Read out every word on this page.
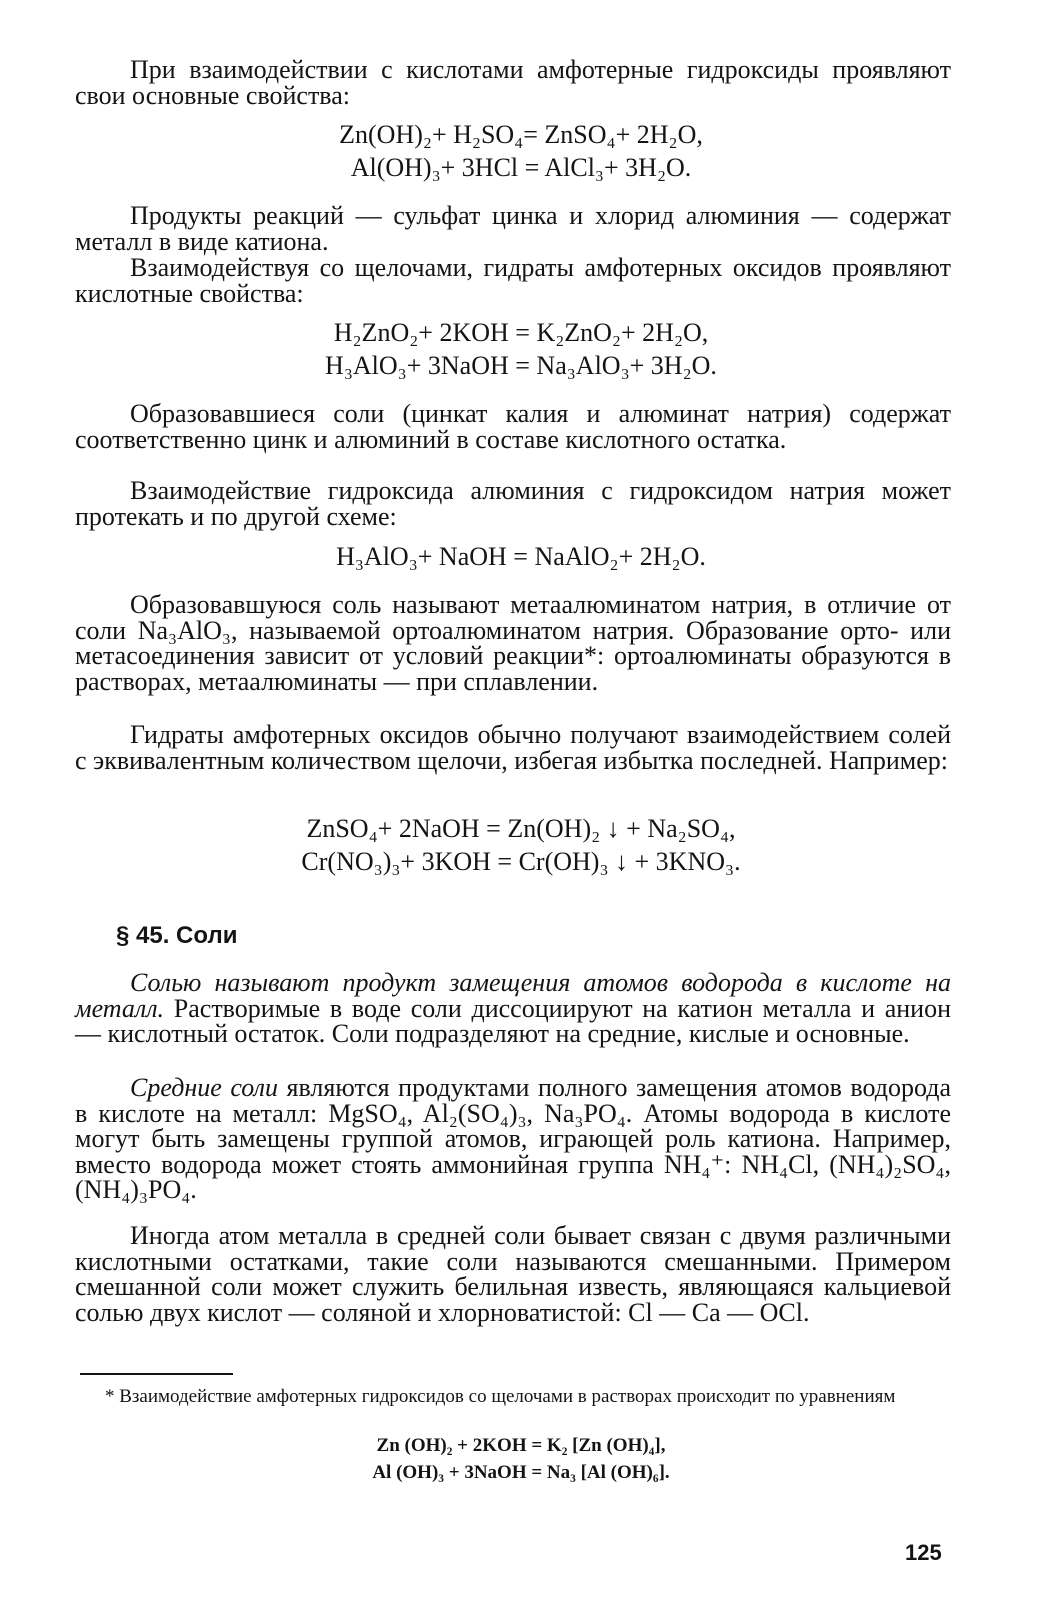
При взаимодействии с кислотами амфотерные гидроксиды проявляют свои основные свойства:

Zn(OH)₂+ H₂SO₄= ZnSO₄+ 2H₂O,
Al(OH)₃+ 3HCl = AlCl₃+ 3H₂O.

Продукты реакций — сульфат цинка и хлорид алюминия — содержат металл в виде катиона.

Взаимодействуя со щелочами, гидраты амфотерных оксидов проявляют кислотные свойства:

H₂ZnO₂+ 2KOH = K₂ZnO₂+ 2H₂O,
H₃AlO₃+ 3NaOH = Na₃AlO₃+ 3H₂O.

Образовавшиеся соли (цинкат калия и алюминат натрия) содержат соответственно цинк и алюминий в составе кислотного остатка.

Взаимодействие гидроксида алюминия с гидроксидом натрия может протекать и по другой схеме:

H₃AlO₃+ NaOH = NaAlO₂+ 2H₂O.

Образовавшуюся соль называют метаалюминатом натрия, в отличие от соли Na₃AlO₃, называемой ортоалюминатом натрия. Образование орто- или метасоединения зависит от условий реакции*: ортоалюминаты образуются в растворах, метаалюминаты — при сплавлении.

Гидраты амфотерных оксидов обычно получают взаимодействием солей с эквивалентным количеством щелочи, избегая избытка последней. Например:

ZnSO₄+ 2NaOH = Zn(OH)₂ ↓ + Na₂SO₄,
Cr(NO₃)₃+ 3KOH = Cr(OH)₃ ↓ + 3KNO₃.
§ 45. Соли

Солью называют продукт замещения атомов водорода в кислоте на металл. Растворимые в воде соли диссоциируют на катион металла и анион — кислотный остаток. Соли подразделяют на средние, кислые и основные.

Средние соли являются продуктами полного замещения атомов водорода в кислоте на металл: MgSO₄, Al₂(SO₄)₃, Na₃PO₄. Атомы водорода в кислоте могут быть замещены группой атомов, играющей роль катиона. Например, вместо водорода может стоять аммонийная группа NH₄⁺: NH₄Cl, (NH₄)₂SO₄, (NH₄)₃PO₄.

Иногда атом металла в средней соли бывает связан с двумя различными кислотными остатками, такие соли называются смешанными. Примером смешанной соли может служить белильная известь, являющаяся кальциевой солью двух кислот — соляной и хлорноватистой: Cl — Ca — OCl.

* Взаимодействие амфотерных гидроксидов со щелочами в растворах происходит по уравнениям

Zn (OH)₂ + 2KOH = K₂ [Zn (OH)₄],
Al (OH)₃ + 3NaOH = Na₃ [Al (OH)₆].
125
